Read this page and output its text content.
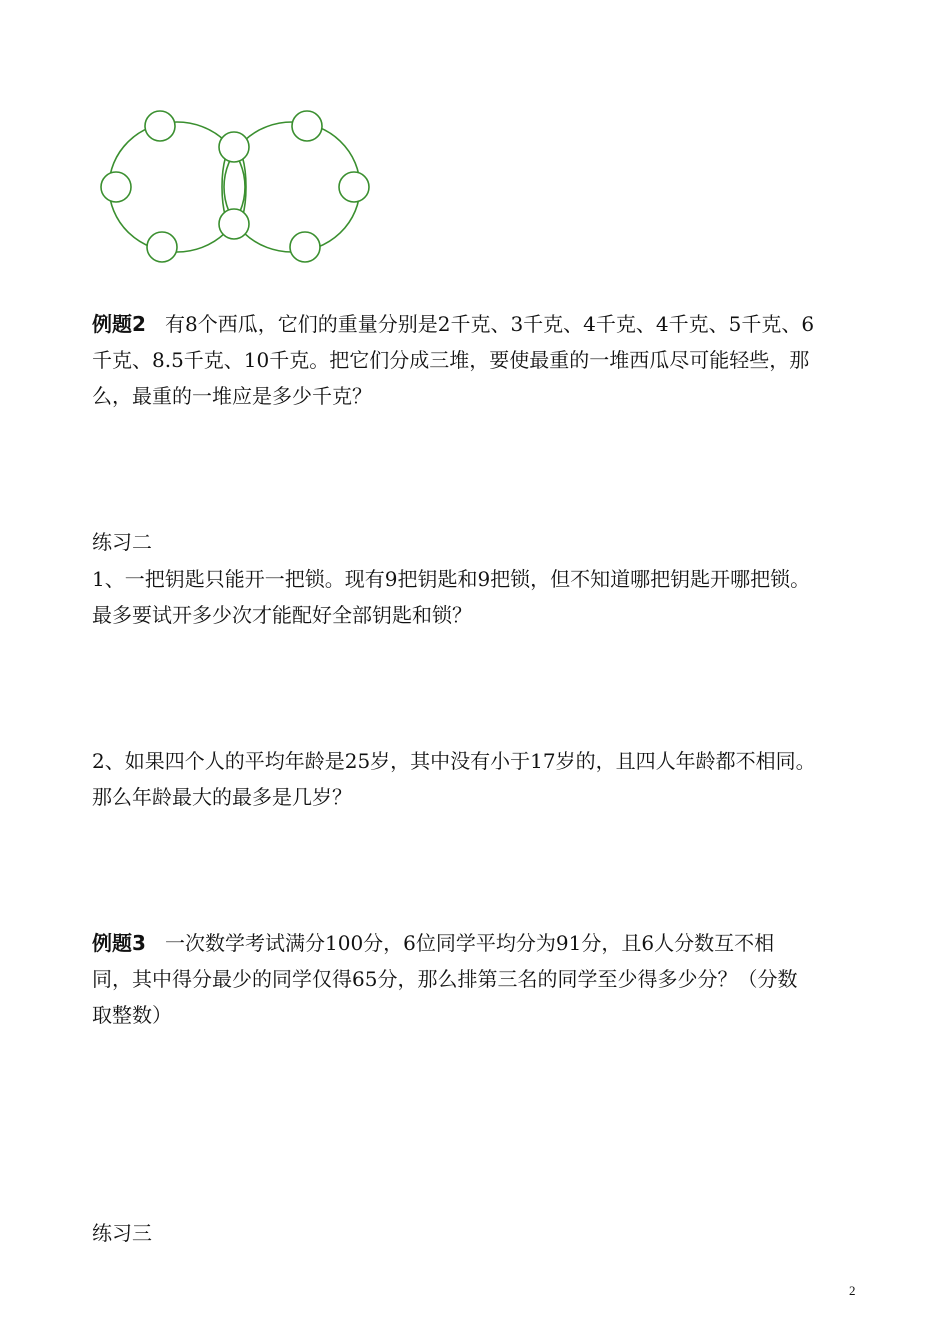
例题2 有8个西瓜，它们的重量分别是2千克、3千克、4千克、4千克、5千克、6
千克、8.5千克、10千克。把它们分成三堆，要使最重的一堆西瓜尽可能轻些，那
么，最重的一堆应是多少千克？

练习二

1、一把钥匙只能开一把锁。现有9把钥匙和9把锁，但不知道哪把钥匙开哪把锁。
最多要试开多少次才能配好全部钥匙和锁？

2、如果四个人的平均年龄是25岁，其中没有小于17岁的，且四人年龄都不相同。
那么年龄最大的最多是几岁？

例题3 一次数学考试满分100分，6位同学平均分为91分，且6人分数互不相
同，其中得分最少的同学仅得65分，那么排第三名的同学至少得多少分？（分数
取整数）

练习三
2
